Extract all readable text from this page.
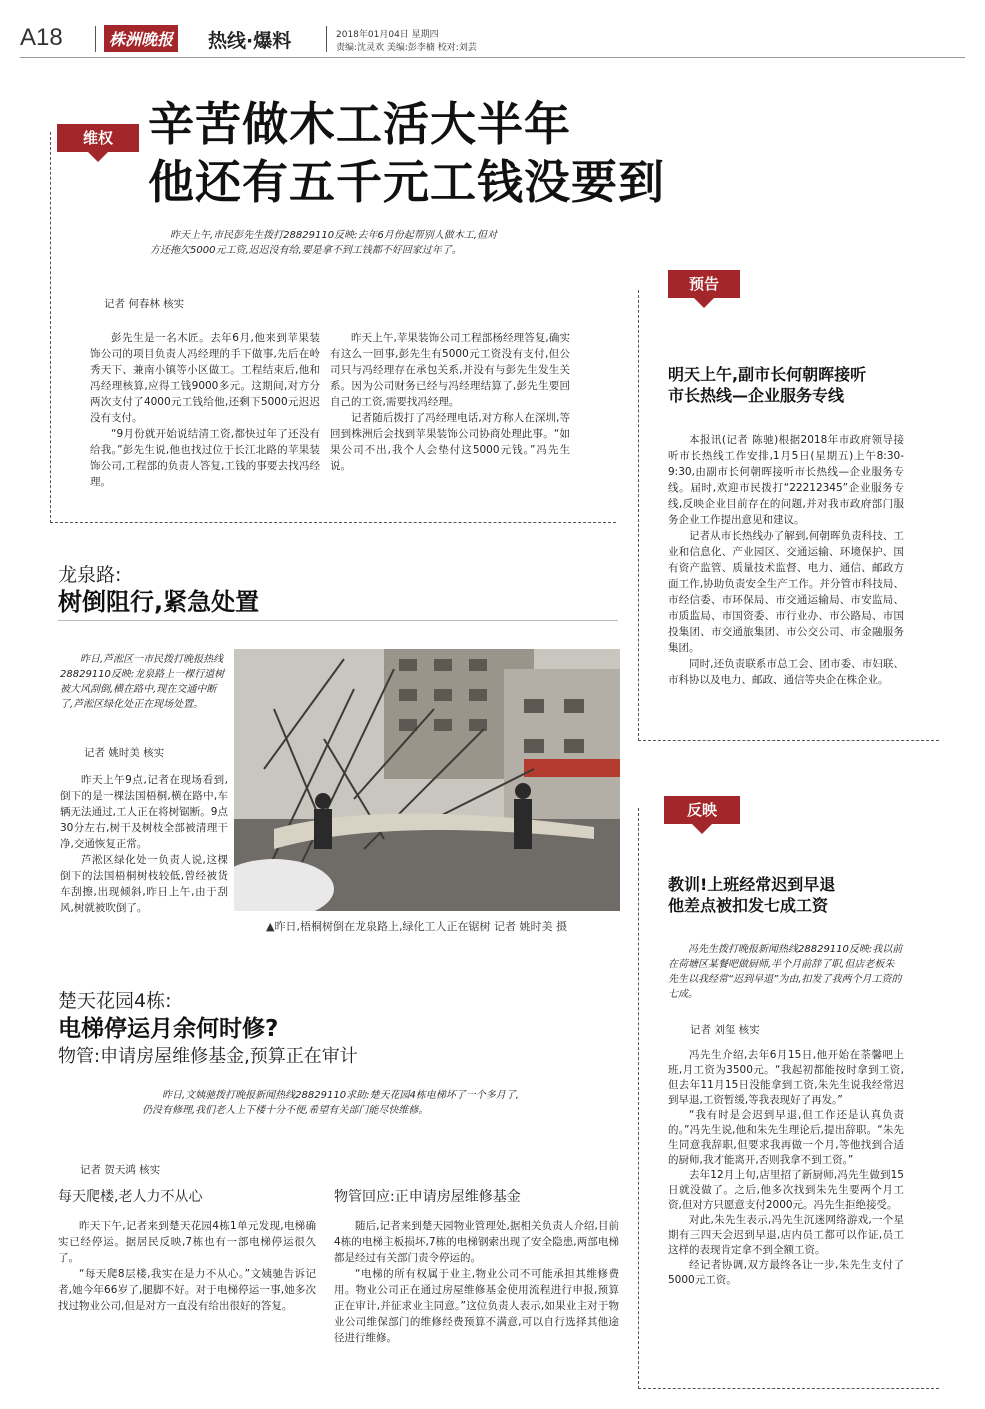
A18	株洲晚报 热线·爆料	2018年01月04日 星期四
责编:沈灵欢 美编:彭李楠 校对:刘芸
维权 辛苦做木工活大半年
他还有五千元工钱没要到

昨天上午,市民彭先生拨打28829110反映:去年6月份起帮别人做木工,但对方还拖欠5000元工资,迟迟没有给,要是拿不到工钱都不好回家过年了。

记者 何春林 核实

彭先生是一名木匠。去年6月,他来到苹果装饰公司的项目负责人冯经理的手下做事,先后在岭秀天下、兼南小镇等小区做工。工程结束后,他和冯经理核算,应得工钱9000多元。这期间,对方分两次支付了4000元工钱给他,还剩下5000元迟迟没有支付。

“9月份就开始说结清工资,都快过年了还没有给我。”彭先生说,他也找过位于长江北路的苹果装饰公司,工程部的负责人答复,工钱的事要去找冯经理。

昨天上午,苹果装饰公司工程部杨经理答复,确实有这么一回事,彭先生有5000元工资没有支付,但公司只与冯经理存在承包关系,并没有与彭先生发生关系。因为公司财务已经与冯经理结算了,彭先生要回自己的工资,需要找冯经理。

记者随后拨打了冯经理电话,对方称人在深圳,等回到株洲后会找到苹果装饰公司协商处理此事。“如果公司不出,我个人会垫付这5000元钱。”冯先生说。

龙泉路:
树倒阻行,紧急处置

昨日,芦淞区一市民拨打晚报热线28829110反映:龙泉路上一棵行道树被大风刮倒,横在路中,现在交通中断了,芦淞区绿化处正在现场处置。

记者 姚时美 核实

昨天上午9点,记者在现场看到,倒下的是一棵法国梧桐,横在路中,车辆无法通过,工人正在将树锯断。9点30分左右,树干及树枝全部被清理干净,交通恢复正常。

芦淞区绿化处一负责人说,这棵倒下的法国梧桐树枝较低,曾经被货车刮擦,出现倾斜,昨日上午,由于刮风,树就被吹倒了。

▲昨日,梧桐树倒在龙泉路上,绿化工人正在锯树 记者 姚时美 摄
楚天花园4栋:
电梯停运月余何时修?
物管:申请房屋维修基金,预算正在审计

昨日,文姨驰拨打晚报新闻热线28829110求助:楚天花园4栋电梯坏了一个多月了,仍没有修理,我们老人上下楼十分不便,希望有关部门能尽快维修。

记者 贺天鸿 核实
每天爬楼,老人力不从心

昨天下午,记者来到楚天花园4栋1单元发现,电梯确实已经停运。据居民反映,7栋也有一部电梯停运很久了。

“每天爬8层楼,我实在是力不从心。”文姨驰告诉记者,她今年66岁了,腿脚不好。对于电梯停运一事,她多次找过物业公司,但是对方一直没有给出很好的答复。

物管回应:正申请房屋维修基金

随后,记者来到楚天园物业管理处,据相关负责人介绍,目前4栋的电梯主板损坏,7栋的电梯钢索出现了安全隐患,两部电梯都是经过有关部门责令停运的。

“电梯的所有权属于业主,物业公司不可能承担其维修费用。物业公司正在通过房屋维修基金使用流程进行申报,预算正在审计,并征求业主同意。”这位负责人表示,如果业主对于物业公司维保部门的维修经费预算不满意,可以自行选择其他途径进行维修。

预告
明天上午,副市长何朝晖接听
市长热线—企业服务专线

本报讯(记者 陈驰)根据2018年市政府领导接听市长热线工作安排,1月5日(星期五)上午8:30-9:30,由副市长何朝晖接听市长热线—企业服务专线。届时,欢迎市民拨打“22212345”企业服务专线,反映企业目前存在的问题,并对我市政府部门服务企业工作提出意见和建议。

记者从市长热线办了解到,何朝晖负责科技、工业和信息化、产业园区、交通运输、环境保护、国有资产监管、质量技术监督、电力、通信、邮政方面工作,协助负责安全生产工作。并分管市科技局、市经信委、市环保局、市交通运输局、市安监局、市质监局、市国资委、市行业办、市公路局、市国投集团、市交通旅集团、市公交公司、市金融服务集团。

同时,还负责联系市总工会、团市委、市妇联、市科协以及电力、邮政、通信等央企在株企业。

反映
教训!上班经常迟到早退
他差点被扣发七成工资

冯先生拨打晚报新闻热线28829110反映:我以前在荷塘区某餐吧做厨师,半个月前辞了职,但店老板朱先生以我经常“迟到早退”为由,扣发了我两个月工资的七成。

记者 刘玺 核实

冯先生介绍,去年6月15日,他开始在荼馨吧上班,月工资为3500元。“我起初都能按时拿到工资,但去年11月15日没能拿到工资,朱先生说我经常迟到早退,工资暂缓,等我表现好了再发。”

“我有时是会迟到早退,但工作还是认真负责的。”冯先生说,他和朱先生理论后,提出辞职。“朱先生同意我辞职,但要求我再做一个月,等他找到合适的厨师,我才能离开,否则我拿不到工资。”

去年12月上旬,店里招了新厨师,冯先生做到15日就没做了。之后,他多次找到朱先生要两个月工资,但对方只愿意支付2000元。冯先生拒绝接受。

对此,朱先生表示,冯先生沉迷网络游戏,一个星期有三四天会迟到早退,店内员工都可以作证,员工这样的表现肯定拿不到全额工资。

经记者协调,双方最终各让一步,朱先生支付了5000元工资。
